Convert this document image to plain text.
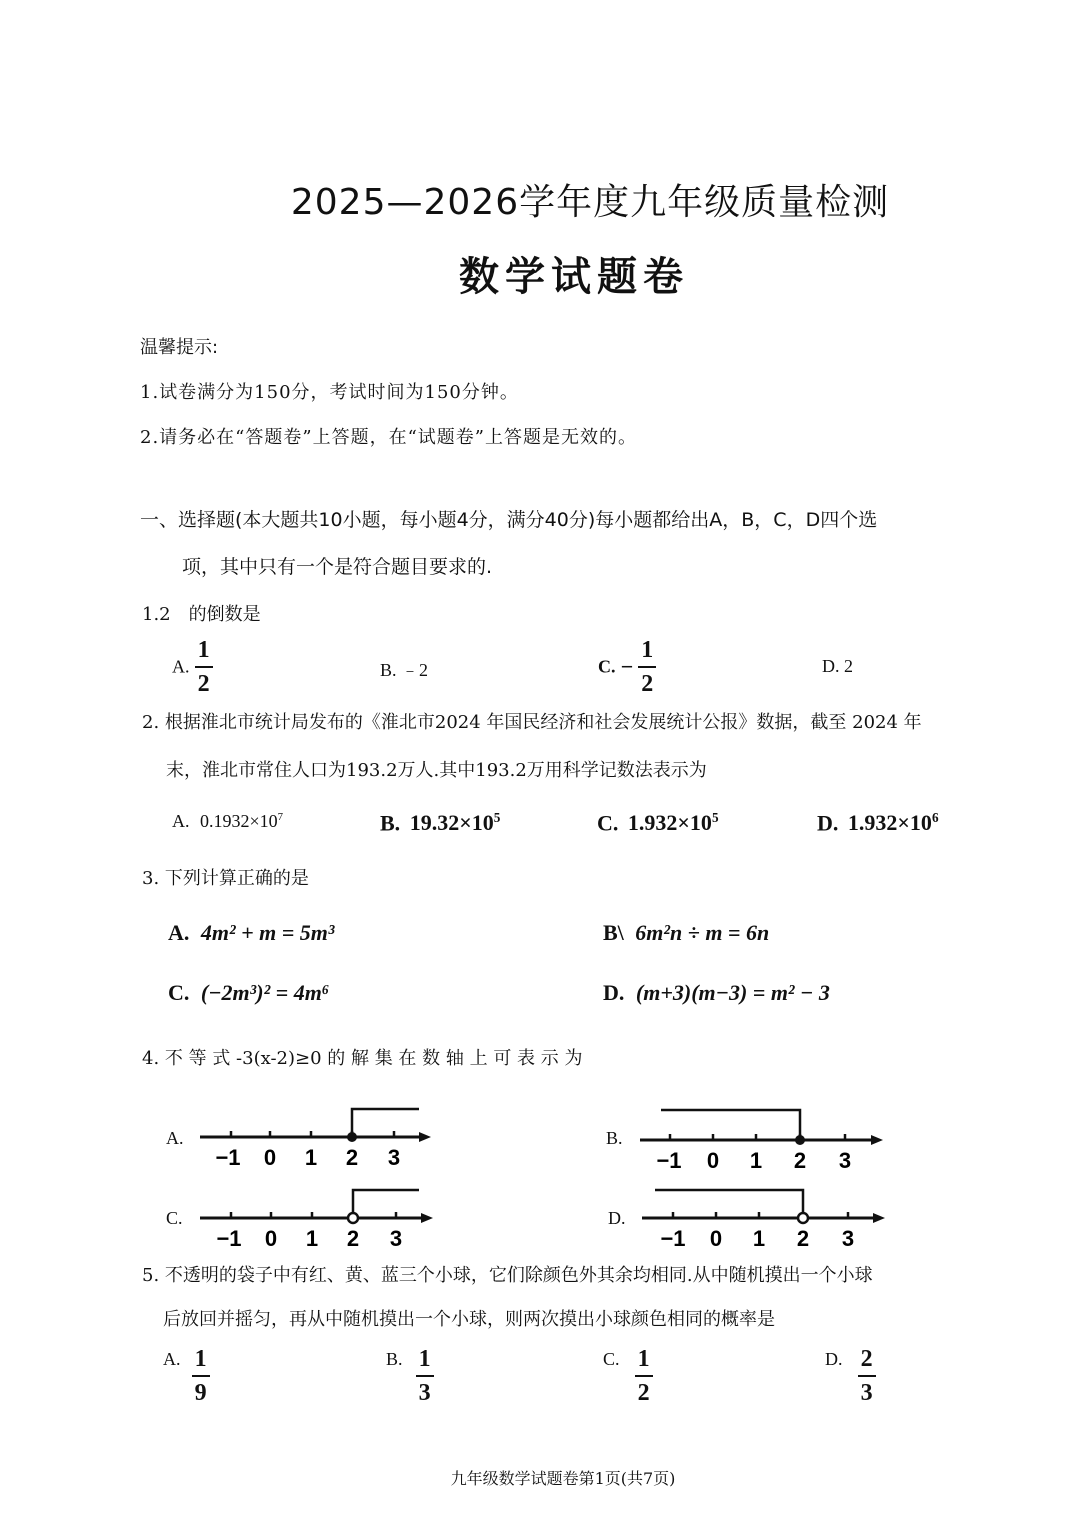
2025—2026学年度九年级质量检测
数学试题卷
温馨提示:
1.试卷满分为150分，考试时间为150分钟。
2.请务必在“答题卷”上答题，在“试题卷”上答题是无效的。
一、选择题(本大题共10小题，每小题4分，满分40分)每小题都给出A，B，C，D四个选
项，其中只有一个是符合题目要求的.
1.2　的倒数是
A. $\frac{1}{2}$	B. ﹣2	C. − $\frac{1}{2}$	D. 2
2. 根据淮北市统计局发布的《淮北市2024 年国民经济和社会发展统计公报》数据，截至 2024 年
末，淮北市常住人口为193.2万人.其中193.2万用科学记数法表示为
A. $0.1932\times 10^7$	B. $19.32\times 10^5$	C. $1.932\times 10^5$	D. $1.932\times 10^6$
3. 下列计算正确的是
A. 4m² + m = 5m³	B\ 6m²n ÷ m = 6n
C. (−2m³)² = 4m⁶	D. (m+3)(m−3) = m² − 3
4. 不 等 式 -3(x-2)≥0 的 解 集 在 数 轴 上 可 表 示 为
A.	B.
C.	D.
−1 0 1 2 3	−1 0 1 2 3
−1 0 1 2 3	−1 0 1 2 3
5. 不透明的袋子中有红、黄、蓝三个小球，它们除颜色外其余均相同.从中随机摸出一个小球
后放回并摇匀，再从中随机摸出一个小球，则两次摸出小球颜色相同的概率是
A. $\frac{1}{9}$	B. $\frac{1}{3}$	C. $\frac{1}{2}$	D. $\frac{2}{3}$
九年级数学试题卷第1页(共7页)
